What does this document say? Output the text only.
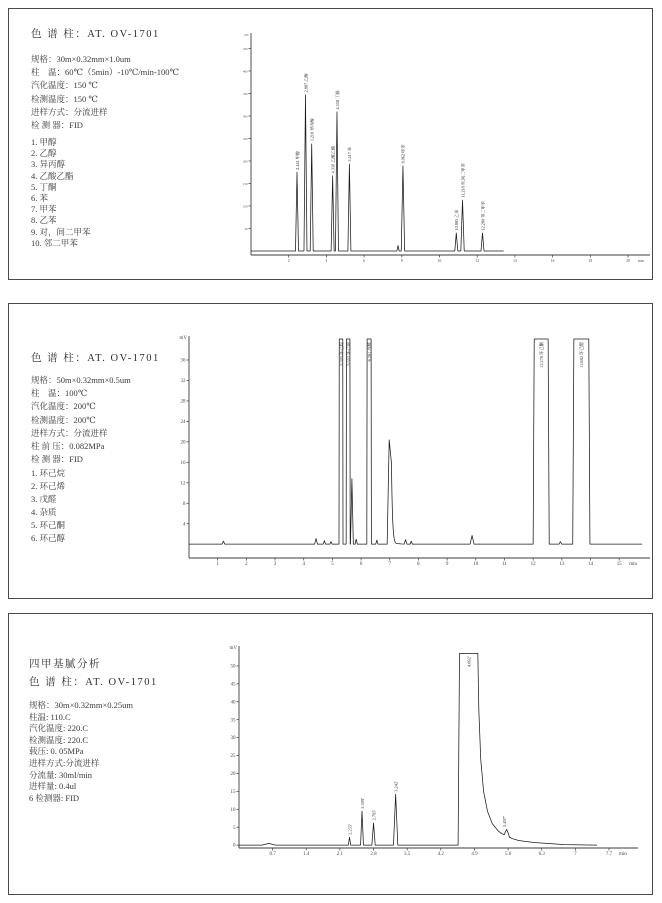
色 谱 柱：AT. OV-1701
规格：30m×0.32mm×1.0um
柱　温：60℃（5min）-10℃/min-100℃
汽化温度：150 ℃
检测温度：150 ℃
进样方式：分流进样
检 测 器：FID
1. 甲醇
2. 乙醇
3. 异丙醇
4. 乙酸乙酯
5. 丁酮
6. 苯
7. 甲苯
8. 乙苯
9. 对，间二甲苯
10. 邻二甲苯
2	4	6	8	10	12	14	16	18	20 min
50
100
150
200
250
300
350
400
450
mV
2.441 甲醇
2.887 乙醇
3.218 异丙醇
4.330 乙酸乙酯
4.558 丁酮
5.217 苯	8.062 甲苯
10.885 乙苯
11.218 对,间二甲苯
12.280 邻二甲苯
色 谱 柱：AT. OV-1701
规格：50m×0.32mm×0.5um
柱　温：100℃
汽化温度：200℃
检测温度：200℃
进样方式：分流进样
柱 前 压：0.082MPa
检 测 器：FID
1. 环己烷
2. 环己烯
3. 戊醛
4. 杂质
5. 环己酮
6. 环己醇
1	2	3	4	5	6	7	8	9	10	11	12	13	14	15 min
4
8
12
16
20
24
28
32
36
mV
5.305 环己烷 5.553 环己烯	6.281 戊醛	12.278 环己酮	13.682 环己醇
四甲基腻分析
色 谱 柱：AT. OV-1701
规格：30m×0.32mm×0.25um
柱温: 110.C
汽化温度: 220.C
检测温度: 220.C
载压: 0. 05MPa
进样方式:分流进样
分流量: 30ml/min
进样量: 0.4ul
6 检测器: FID
0.7	1.4	2.1	2.8	3.5	4.2	4.9	5.6	6.3	7	7.7 min
0
5
10
15
20
25
30
35
40
45
50
mV
2.255'
2.509'
2.795'
3.242'
4.692'
5.497'
